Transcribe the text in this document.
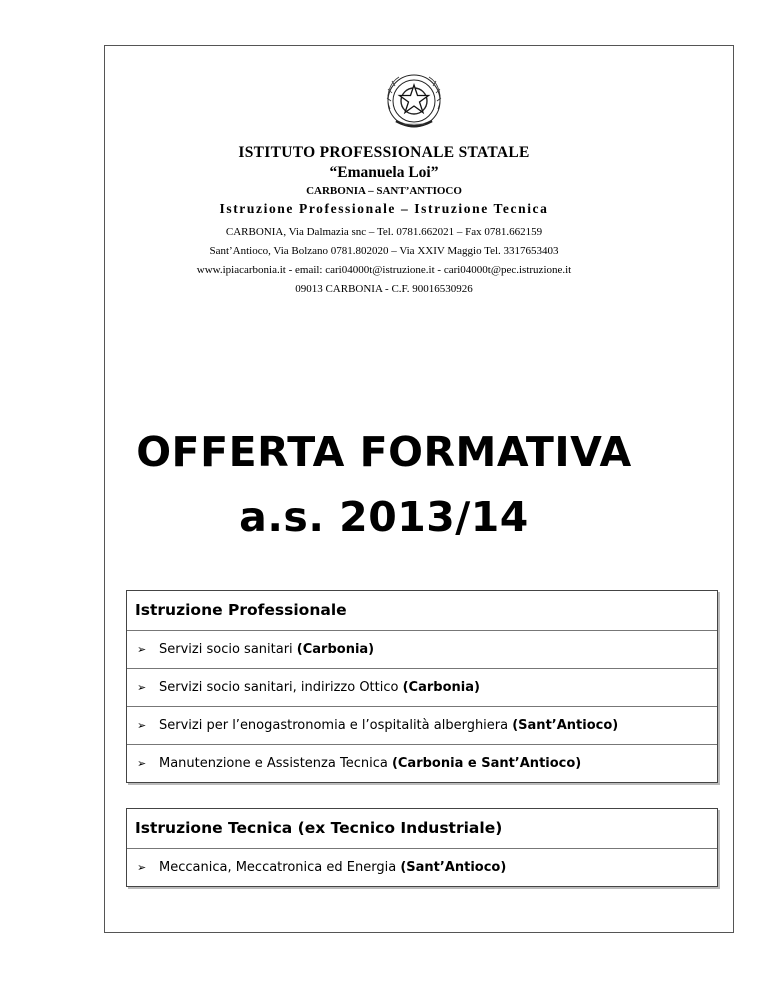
ISTITUTO PROFESSIONALE STATALE
“Emanuela Loi”
CARBONIA – SANT’ANTIOCO
Istruzione Professionale – Istruzione Tecnica
CARBONIA, Via Dalmazia snc – Tel. 0781.662021 – Fax 0781.662159
Sant’Antioco, Via Bolzano 0781.802020 – Via XXIV Maggio Tel. 3317653403
www.ipiacarbonia.it - email: cari04000t@istruzione.it - cari04000t@pec.istruzione.it
09013 CARBONIA - C.F. 90016530926
OFFERTA FORMATIVA
a.s. 2013/14
Istruzione Professionale
➢ Servizi socio sanitari (Carbonia)
➢ Servizi socio sanitari, indirizzo Ottico (Carbonia)
➢ Servizi per l’enogastronomia e l’ospitalità alberghiera (Sant’Antioco)
➢ Manutenzione e Assistenza Tecnica (Carbonia e Sant’Antioco)
Istruzione Tecnica (ex Tecnico Industriale)
➢ Meccanica, Meccatronica ed Energia (Sant’Antioco)
